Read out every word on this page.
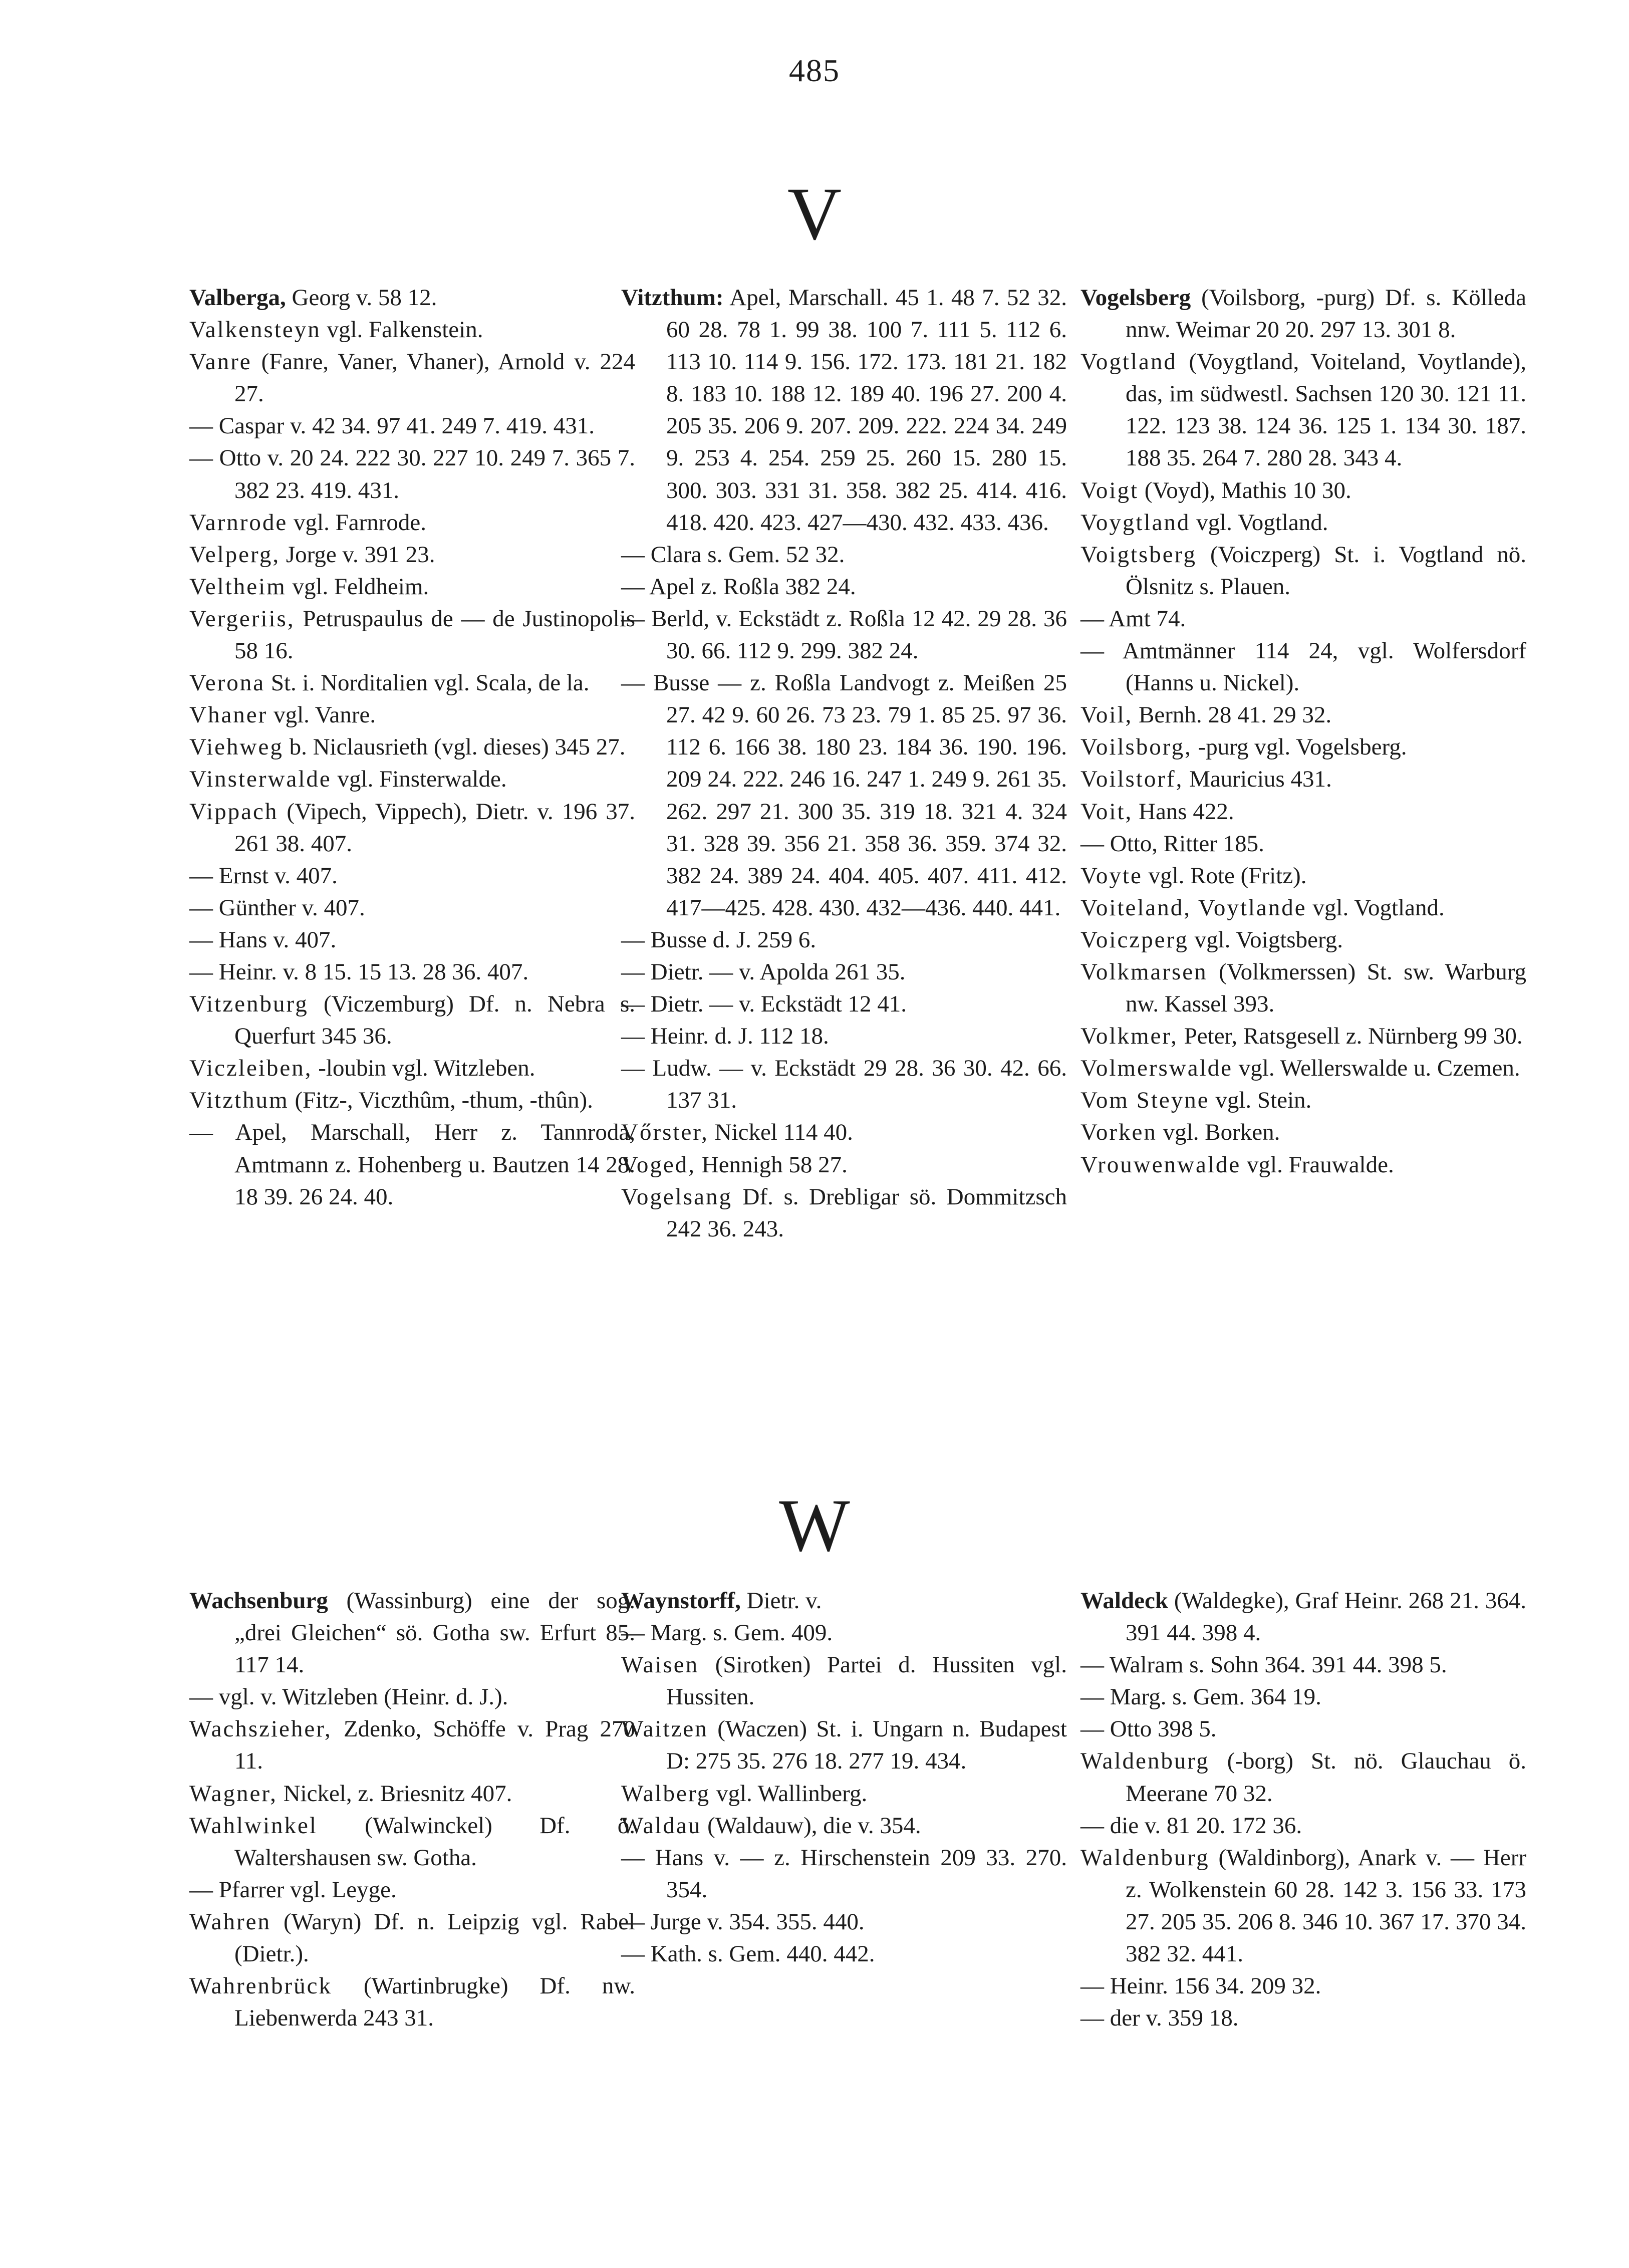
485
V

Valberga, Georg v. 58 12.

Valkensteyn vgl. Falkenstein.

Vanre (Fanre, Vaner, Vhaner), Arnold v. 224 27.

— Caspar v. 42 34. 97 41. 249 7. 419. 431.

— Otto v. 20 24. 222 30. 227 10. 249 7. 365 7. 382 23. 419. 431.

Varnrode vgl. Farnrode.

Velperg, Jorge v. 391 23.

Veltheim vgl. Feldheim.

Vergeriis, Petruspaulus de — de Justinopolis 58 16.

Verona St. i. Norditalien vgl. Scala, de la.

Vhaner vgl. Vanre.

Viehweg b. Niclausrieth (vgl. dieses) 345 27.

Vinsterwalde vgl. Finsterwalde.

Vippach (Vipech, Vippech), Dietr. v. 196 37. 261 38. 407.

— Ernst v. 407.

— Günther v. 407.

— Hans v. 407.

— Heinr. v. 8 15. 15 13. 28 36. 407.

Vitzenburg (Viczemburg) Df. n. Nebra s. Querfurt 345 36.

Viczleiben, -loubin vgl. Witzleben.

Vitzthum (Fitz-, Viczthûm, -thum, -thûn).

— Apel, Marschall, Herr z. Tannroda, Amtmann z. Hohenberg u. Bautzen 14 28. 18 39. 26 24. 40.

Vitzthum: Apel, Marschall. 45 1. 48 7. 52 32. 60 28. 78 1. 99 38. 100 7. 111 5. 112 6. 113 10. 114 9. 156. 172. 173. 181 21. 182 8. 183 10. 188 12. 189 40. 196 27. 200 4. 205 35. 206 9. 207. 209. 222. 224 34. 249 9. 253 4. 254. 259 25. 260 15. 280 15. 300. 303. 331 31. 358. 382 25. 414. 416. 418. 420. 423. 427—430. 432. 433. 436.

— Clara s. Gem. 52 32.

— Apel z. Roßla 382 24.

— Berld, v. Eckstädt z. Roßla 12 42. 29 28. 36 30. 66. 112 9. 299. 382 24.

— Busse — z. Roßla Landvogt z. Meißen 25 27. 42 9. 60 26. 73 23. 79 1. 85 25. 97 36. 112 6. 166 38. 180 23. 184 36. 190. 196. 209 24. 222. 246 16. 247 1. 249 9. 261 35. 262. 297 21. 300 35. 319 18. 321 4. 324 31. 328 39. 356 21. 358 36. 359. 374 32. 382 24. 389 24. 404. 405. 407. 411. 412. 417—425. 428. 430. 432—436. 440. 441.

— Busse d. J. 259 6.

— Dietr. — v. Apolda 261 35.

— Dietr. — v. Eckstädt 12 41.

— Heinr. d. J. 112 18.

— Ludw. — v. Eckstädt 29 28. 36 30. 42. 66. 137 31.

Vőrster, Nickel 114 40.

Voged, Hennigh 58 27.

Vogelsang Df. s. Drebligar sö. Dommitzsch 242 36. 243.

Vogelsberg (Voilsborg, -purg) Df. s. Kölleda nnw. Weimar 20 20. 297 13. 301 8.

Vogtland (Voygtland, Voiteland, Voytlande), das, im südwestl. Sachsen 120 30. 121 11. 122. 123 38. 124 36. 125 1. 134 30. 187. 188 35. 264 7. 280 28. 343 4.

Voigt (Voyd), Mathis 10 30.

Voygtland vgl. Vogtland.

Voigtsberg (Voiczperg) St. i. Vogtland nö. Ölsnitz s. Plauen.

— Amt 74.

— Amtmänner 114 24, vgl. Wolfersdorf (Hanns u. Nickel).

Voil, Bernh. 28 41. 29 32.

Voilsborg, -purg vgl. Vogelsberg.

Voilstorf, Mauricius 431.

Voit, Hans 422.

— Otto, Ritter 185.

Voyte vgl. Rote (Fritz).

Voiteland, Voytlande vgl. Vogtland.

Voiczperg vgl. Voigtsberg.

Volkmarsen (Volkmerssen) St. sw. Warburg nw. Kassel 393.

Volkmer, Peter, Ratsgesell z. Nürnberg 99 30.

Volmerswalde vgl. Wellerswalde u. Czemen.

Vom Steyne vgl. Stein.

Vorken vgl. Borken.

Vrouwenwalde vgl. Frauwalde.

W

Wachsenburg (Wassinburg) eine der sog. „drei Gleichen“ sö. Gotha sw. Erfurt 85. 117 14.

— vgl. v. Witzleben (Heinr. d. J.).

Wachszieher, Zdenko, Schöffe v. Prag 270 11.

Wagner, Nickel, z. Briesnitz 407.

Wahlwinkel (Walwinckel) Df. ö. Waltershausen sw. Gotha.

— Pfarrer vgl. Leyge.

Wahren (Waryn) Df. n. Leipzig vgl. Rabel (Dietr.).

Wahrenbrück (Wartinbrugke) Df. nw. Liebenwerda 243 31.

Waynstorff, Dietr. v.

— Marg. s. Gem. 409.

Waisen (Sirotken) Partei d. Hussiten vgl. Hussiten.

Waitzen (Waczen) St. i. Ungarn n. Budapest D: 275 35. 276 18. 277 19. 434.

Walberg vgl. Wallinberg.

Waldau (Waldauw), die v. 354.

— Hans v. — z. Hirschenstein 209 33. 270. 354.

— Jurge v. 354. 355. 440.

— Kath. s. Gem. 440. 442.

Waldeck (Waldegke), Graf Heinr. 268 21. 364. 391 44. 398 4.

— Walram s. Sohn 364. 391 44. 398 5.

— Marg. s. Gem. 364 19.

— Otto 398 5.

Waldenburg (-borg) St. nö. Glauchau ö. Meerane 70 32.

— die v. 81 20. 172 36.

Waldenburg (Waldinborg), Anark v. — Herr z. Wolkenstein 60 28. 142 3. 156 33. 173 27. 205 35. 206 8. 346 10. 367 17. 370 34. 382 32. 441.

— Heinr. 156 34. 209 32.

— der v. 359 18.
